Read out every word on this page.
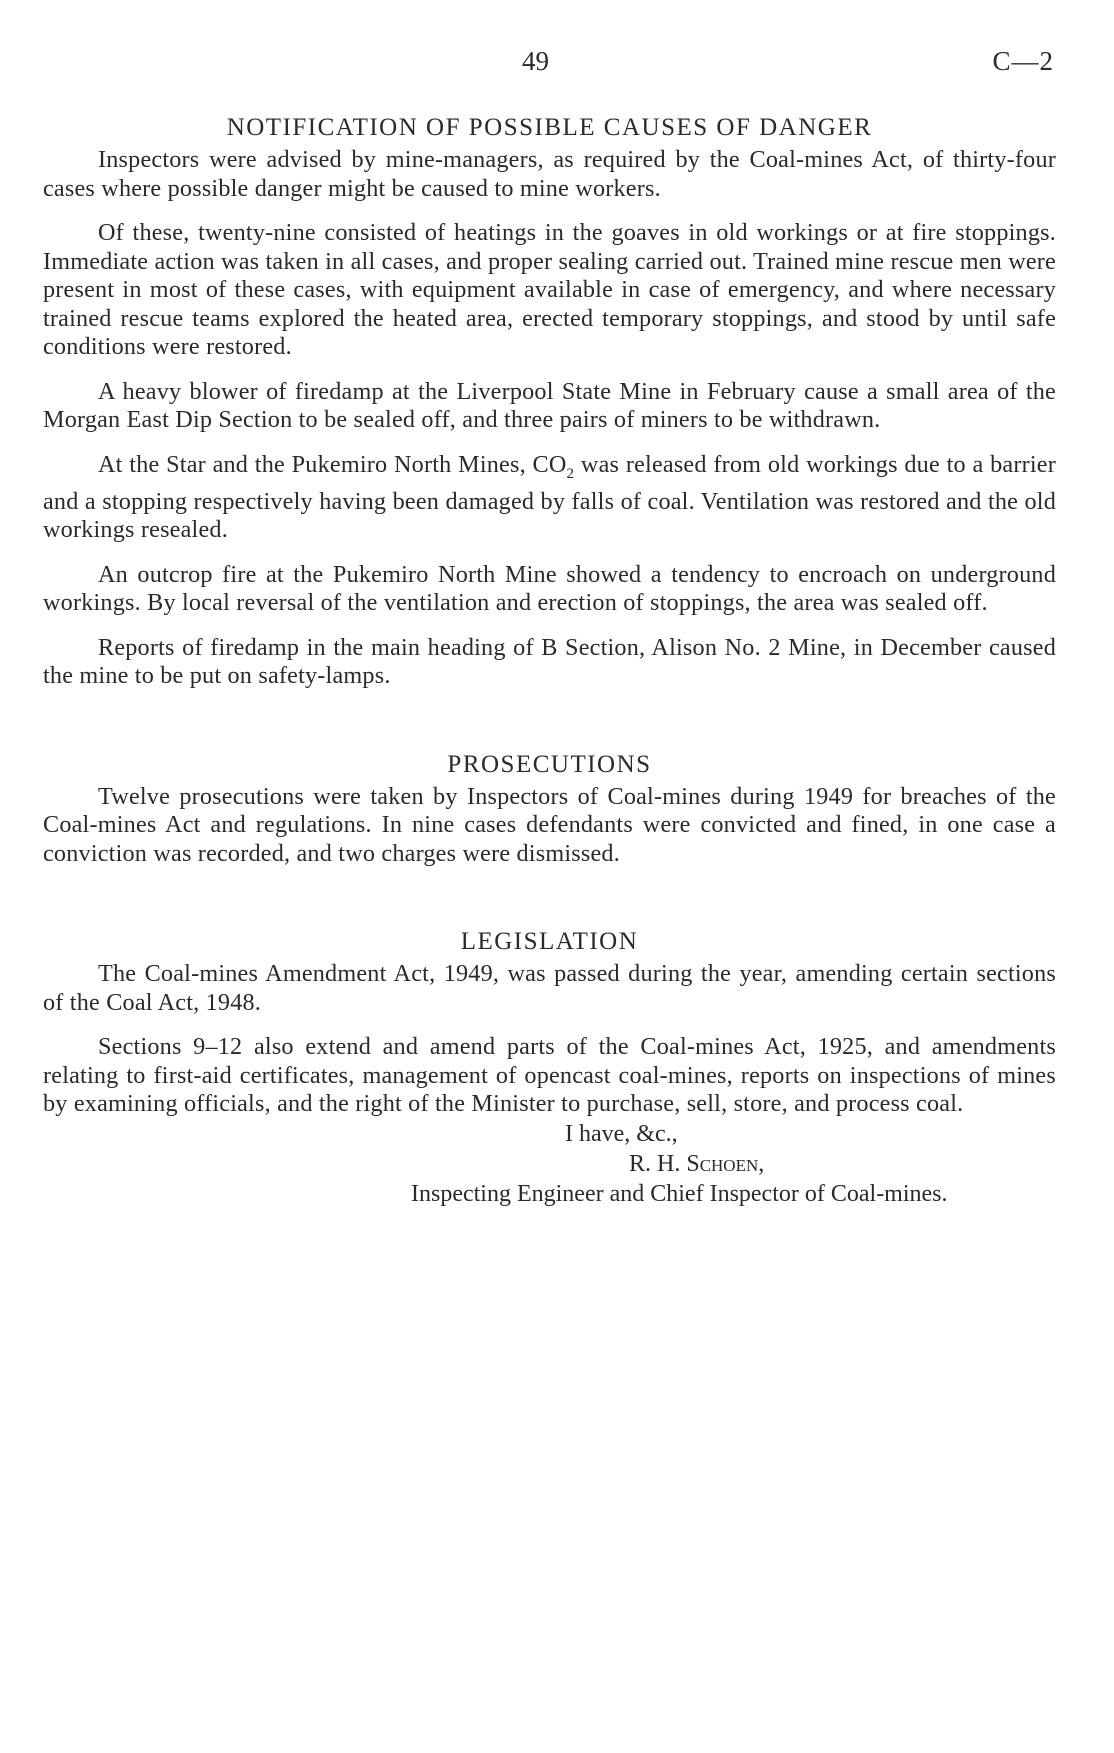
49	C—2
NOTIFICATION OF POSSIBLE CAUSES OF DANGER

Inspectors were advised by mine-managers, as required by the Coal-mines Act, of thirty-four cases where possible danger might be caused to mine workers.

Of these, twenty-nine consisted of heatings in the goaves in old workings or at fire stoppings. Immediate action was taken in all cases, and proper sealing carried out. Trained mine rescue men were present in most of these cases, with equipment available in case of emergency, and where necessary trained rescue teams explored the heated area, erected temporary stoppings, and stood by until safe conditions were restored.

A heavy blower of firedamp at the Liverpool State Mine in February cause a small area of the Morgan East Dip Section to be sealed off, and three pairs of miners to be withdrawn.

At the Star and the Pukemiro North Mines, $CO_2$ was released from old workings due to a barrier and a stopping respectively having been damaged by falls of coal. Ventilation was restored and the old workings resealed.

An outcrop fire at the Pukemiro North Mine showed a tendency to encroach on underground workings. By local reversal of the ventilation and erection of stoppings, the area was sealed off.

Reports of firedamp in the main heading of B Section, Alison No. 2 Mine, in December caused the mine to be put on safety-lamps.

PROSECUTIONS

Twelve prosecutions were taken by Inspectors of Coal-mines during 1949 for breaches of the Coal-mines Act and regulations. In nine cases defendants were convicted and fined, in one case a conviction was recorded, and two charges were dismissed.

LEGISLATION

The Coal-mines Amendment Act, 1949, was passed during the year, amending certain sections of the Coal Act, 1948.

Sections 9–12 also extend and amend parts of the Coal-mines Act, 1925, and amendments relating to first-aid certificates, management of opencast coal-mines, reports on inspections of mines by examining officials, and the right of the Minister to purchase, sell, store, and process coal.

I have, &c.,
R. H. Schoen,
Inspecting Engineer and Chief Inspector of Coal-mines.
